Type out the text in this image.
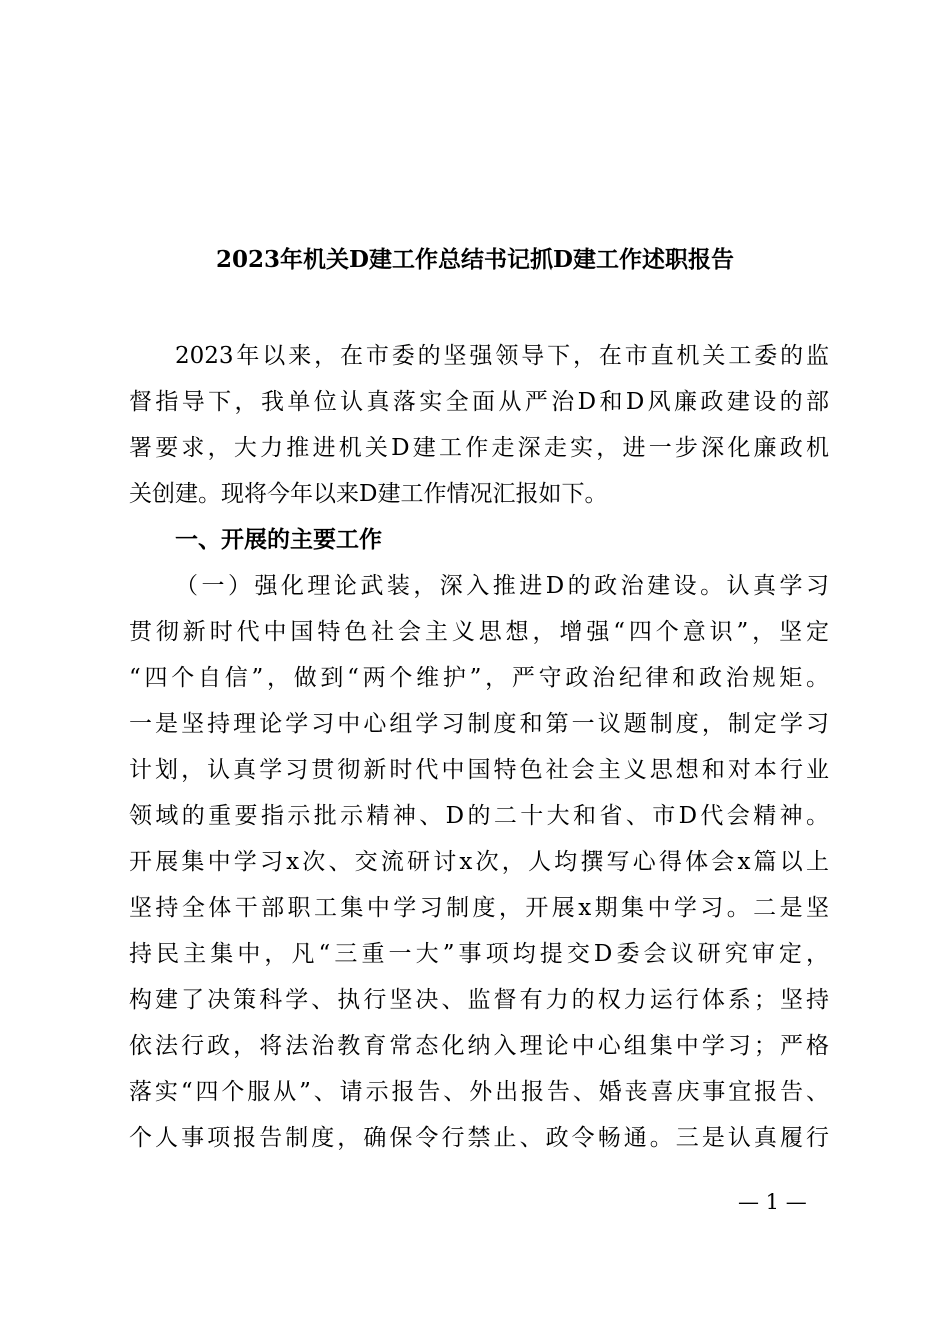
2023年机关D建工作总结书记抓D建工作述职报告
2023年以来，在市委的坚强领导下，在市直机关工委的监
督指导下，我单位认真落实全面从严治D和D风廉政建设的部
署要求，大力推进机关D建工作走深走实，进一步深化廉政机
关创建。现将今年以来D建工作情况汇报如下。
一、开展的主要工作
（一）强化理论武装，深入推进D的政治建设。认真学习
贯彻新时代中国特色社会主义思想，增强“四个意识”，坚定
“四个自信”，做到“两个维护”，严守政治纪律和政治规矩。
一是坚持理论学习中心组学习制度和第一议题制度，制定学习
计划，认真学习贯彻新时代中国特色社会主义思想和对本行业
领域的重要指示批示精神、D的二十大和省、市D代会精神。
开展集中学习x次、交流研讨x次，人均撰写心得体会x篇以上
坚持全体干部职工集中学习制度，开展x期集中学习。二是坚
持民主集中，凡“三重一大”事项均提交D委会议研究审定，
构建了决策科学、执行坚决、监督有力的权力运行体系；坚持
依法行政，将法治教育常态化纳入理论中心组集中学习；严格
落实“四个服从”、请示报告、外出报告、婚丧喜庆事宜报告、
个人事项报告制度，确保令行禁止、政令畅通。三是认真履行
— 1 —
